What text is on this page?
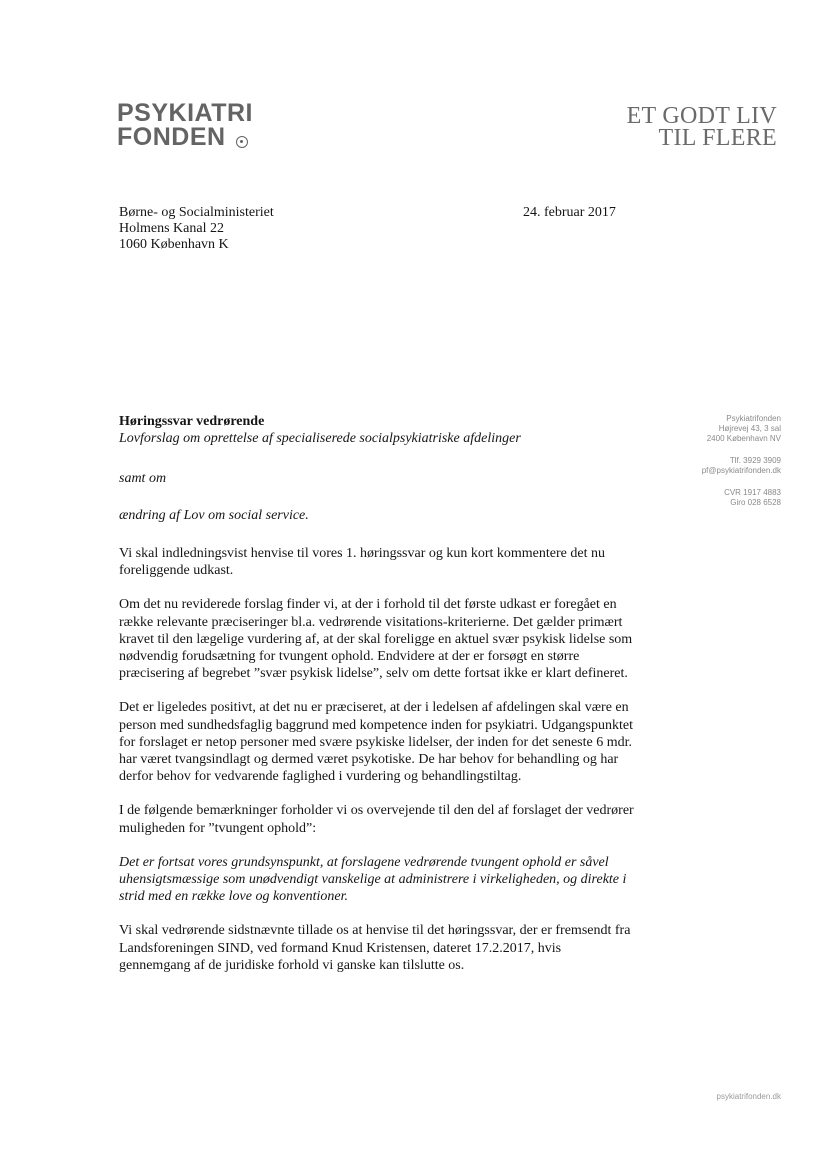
PSYKIATRI
FONDEN
ET GODT LIV
TIL FLERE
Børne- og Socialministeriet
Holmens Kanal 22
1060 København K
24. februar 2017
Psykiatrifonden
Højrevej 43, 3 sal
2400 København NV
Tlf. 3929 3909
pf@psykiatrifonden.dk
CVR 1917 4883
Giro 028 6528
Høringssvar vedrørende
Lovforslag om oprettelse af specialiserede socialpsykiatriske afdelinger
samt om
ændring af Lov om social service.

Vi skal indledningsvist henvise til vores 1. høringssvar og kun kort kommentere det nu foreliggende udkast.

Om det nu reviderede forslag finder vi, at der i forhold til det første udkast er foregået en række relevante præciseringer bl.a. vedrørende visitations-kriterierne. Det gælder primært kravet til den lægelige vurdering af, at der skal foreligge en aktuel svær psykisk lidelse som nødvendig forudsætning for tvungent ophold. Endvidere at der er forsøgt en større præcisering af begrebet ”svær psykisk lidelse”, selv om dette fortsat ikke er klart defineret.

Det er ligeledes positivt, at det nu er præciseret, at der i ledelsen af afdelingen skal være en person med sundhedsfaglig baggrund med kompetence inden for psykiatri. Udgangspunktet for forslaget er netop personer med svære psykiske lidelser, der inden for det seneste 6 mdr. har været tvangsindlagt og dermed været psykotiske. De har behov for behandling og har derfor behov for vedvarende faglighed i vurdering og behandlingstiltag.

I de følgende bemærkninger forholder vi os overvejende til den del af forslaget der vedrører muligheden for ”tvungent ophold”:

Det er fortsat vores grundsynspunkt, at forslagene vedrørende tvungent ophold er såvel uhensigtsmæssige som unødvendigt vanskelige at administrere i virkeligheden, og direkte i strid med en række love og konventioner.

Vi skal vedrørende sidstnævnte tillade os at henvise til det høringssvar, der er fremsendt fra Landsforeningen SIND, ved formand Knud Kristensen, dateret 17.2.2017, hvis gennemgang af de juridiske forhold vi ganske kan tilslutte os.

psykiatrifonden.dk
